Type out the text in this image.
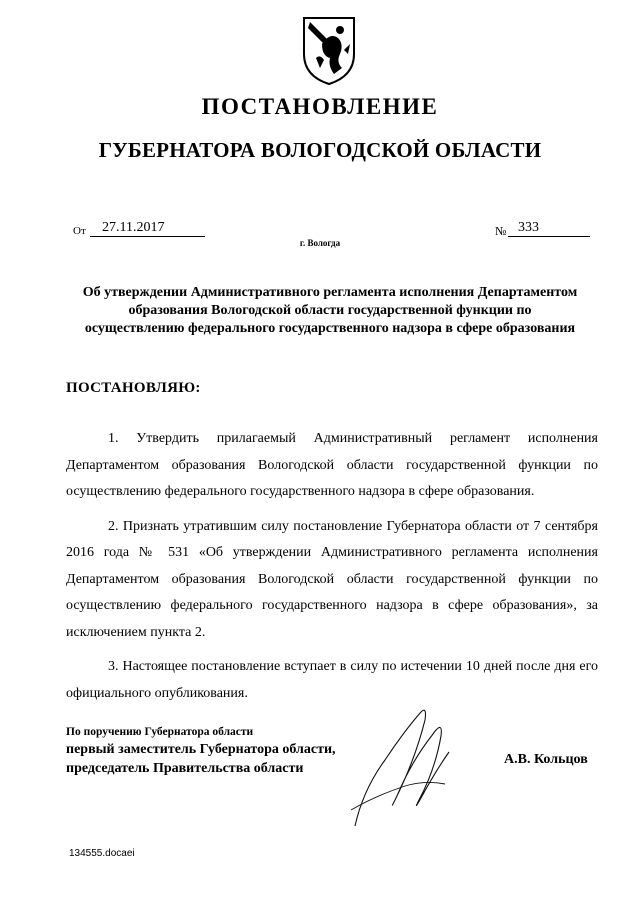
ПОСТАНОВЛЕНИЕ
ГУБЕРНАТОРА ВОЛОГОДСКОЙ ОБЛАСТИ
От	27.11.2017	№ 333
г. Вологда
Об утверждении Административного регламента исполнения Департаментом образования Вологодской области государственной функции по осуществлению федерального государственного надзора в сфере образования
ПОСТАНОВЛЯЮ:

1. Утвердить прилагаемый Административный регламент исполнения Департаментом образования Вологодской области государственной функции по осуществлению федерального государственного надзора в сфере образования.

2. Признать утратившим силу постановление Губернатора области от 7 сентября 2016 года № 531 «Об утверждении Административного регламента исполнения Департаментом образования Вологодской области государственной функции по осуществлению федерального государственного надзора в сфере образования», за исключением пункта 2.

3. Настоящее постановление вступает в силу по истечении 10 дней после дня его официального опубликования.

По поручению Губернатора области
первый заместитель Губернатора области,
председатель Правительства области
А.В. Кольцов
134555.docaei
